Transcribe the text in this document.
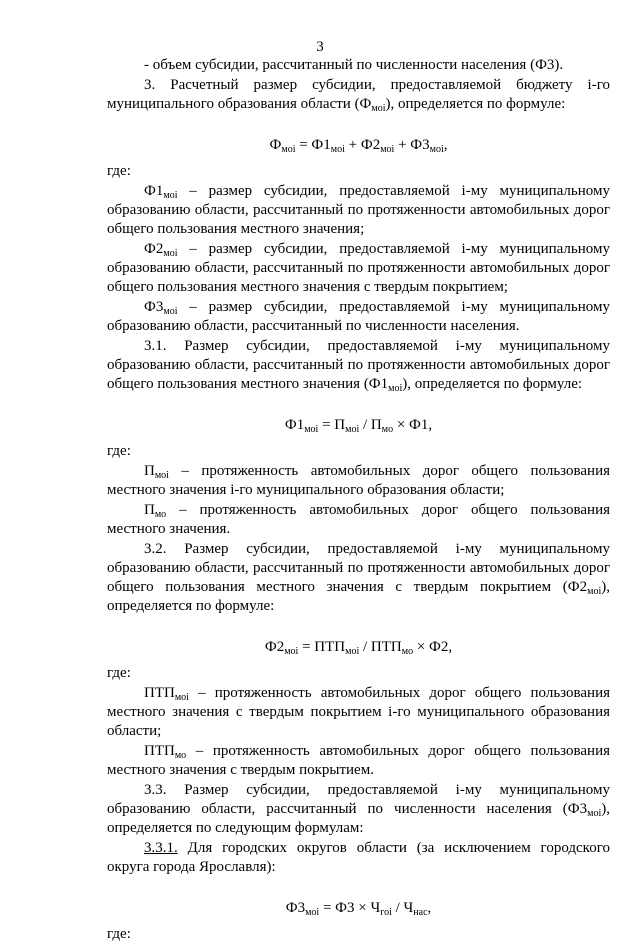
3

- объем субсидии, рассчитанный по численности населения (Ф3).

3. Расчетный размер субсидии, предоставляемой бюджету i-го муниципального образования области $(Ф_{моi})$, определяется по формуле:

$Ф_{моi} = Ф1_{моi} + Ф2_{моi} + Ф3_{моi}$,

где:

$Ф1_{моi}$ – размер субсидии, предоставляемой i-му муниципальному образованию области, рассчитанный по протяженности автомобильных дорог общего пользования местного значения;

$Ф2_{моi}$ – размер субсидии, предоставляемой i-му муниципальному образованию области, рассчитанный по протяженности автомобильных дорог общего пользования местного значения с твердым покрытием;

$Ф3_{моi}$ – размер субсидии, предоставляемой i-му муниципальному образованию области, рассчитанный по численности населения.

3.1. Размер субсидии, предоставляемой i-му муниципальному образованию области, рассчитанный по протяженности автомобильных дорог общего пользования местного значения $(Ф1_{моi})$, определяется по формуле:

$Ф1_{моi} = П_{моi} / П_{мо} \times Ф1$,

где:

$П_{моi}$ – протяженность автомобильных дорог общего пользования местного значения i-го муниципального образования области;

$П_{мо}$ – протяженность автомобильных дорог общего пользования местного значения.

3.2. Размер субсидии, предоставляемой i-му муниципальному образованию области, рассчитанный по протяженности автомобильных дорог общего пользования местного значения с твердым покрытием $(Ф2_{моi})$, определяется по формуле:

$Ф2_{моi} = ПТП_{моi} / ПТП_{мо} \times Ф2$,

где:

$ПТП_{моi}$ – протяженность автомобильных дорог общего пользования местного значения с твердым покрытием i-го муниципального образования области;

$ПТП_{мо}$ – протяженность автомобильных дорог общего пользования местного значения с твердым покрытием.

3.3. Размер субсидии, предоставляемой i-му муниципальному образованию области, рассчитанный по численности населения $(Ф3_{моi})$, определяется по следующим формулам:

3.3.1. Для городских округов области (за исключением городского округа города Ярославля):

$Ф3_{моi} = Ф3 \times Ч_{гоi} / Ч_{нас}$,

где:
